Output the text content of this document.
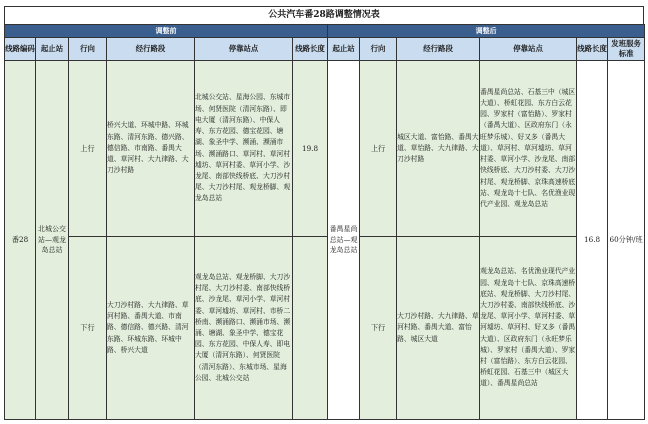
公共汽车番28路调整情况表
调整前						调整后					
线路编码	起止站	行向	经行路段	停靠站点	线路长度	起止站	行向	经行路段	停靠站点	线路长度	发班服务标准
番28	北城公交站—观龙岛总站	上行	桥兴大道、环城中路、环城东路、清河东路、德兴路、德信路、市南路、番禺大道、草河村、大九律路、大刀沙村路	北城公交站、星海公园、东城市场、何贤医院（清河东路）、即电大厦（清河东路）、中保人寿、东方花园、德宝花园、塘湖、象圣中学、濒涌、濒涌市场、濒涌路口、草河村、草河村墟坊、草河村委、草河小学、沙龙尾、南部快线桥底、大刀沙村尾、大刀沙村尾、观龙桥脚、观龙岛总站	19.8	番禺星尚总站—观龙岛总站	上行	城区大道、富怡路、番禺大道、草怡路、大九律路、大刀沙村路	番禺星尚总站、石基三中（城区大道）、桥虹花园、东方白云花园、罗家村（富怡路）、罗家村（番禺大道）、区政府东门（永旺梦乐城）、好又多（番禺大道）、草河村、草河墟坊、草河村委、草河小学、沙龙尾、南部快线桥底、大刀沙村委、大刀沙村尾、观龙桥脚、京珠高速桥底站、观龙岛十七队、名优渔业现代产业园、观龙岛总站	16.8	60分钟/班
		下行	大刀沙村路、大九律路、草河村路、番禺大道、市南路、德信路、德兴路、清河东路、环城东路、环城中路、桥兴大道	观龙岛总站、观龙桥脚、大刀沙村尾、大刀沙村委、南部快线桥底、沙龙尾、草河小学、草河村委、草河墟坊、草河村、市桥二桥南、濒涌路口、濒涌市场、濒涌、塘湖、象圣中学、德宝花园、东方花园、中保人寿、即电大厦（清河东路）、何贤医院（清河东路）、东城市场、星海公园、北城公交站			下行	大刀沙村路、大九律路、草河村路、番禺大道、富怡路、城区大道	观龙岛总站、名优渔业现代产业园、观龙岛十七队、京珠高速桥底站、观龙桥脚、大刀沙村尾、大刀沙村委、南部快线桥底、沙龙尾、草河小学、草河村委、草河墟坊、草河村、好又多（番禺大道）、区政府东门（永旺梦乐城）、罗家村（番禺大道）、罗家村（富怡路）、东方白云花园、桥虹花园、石基三中（城区大道）、番禺星尚总站		
